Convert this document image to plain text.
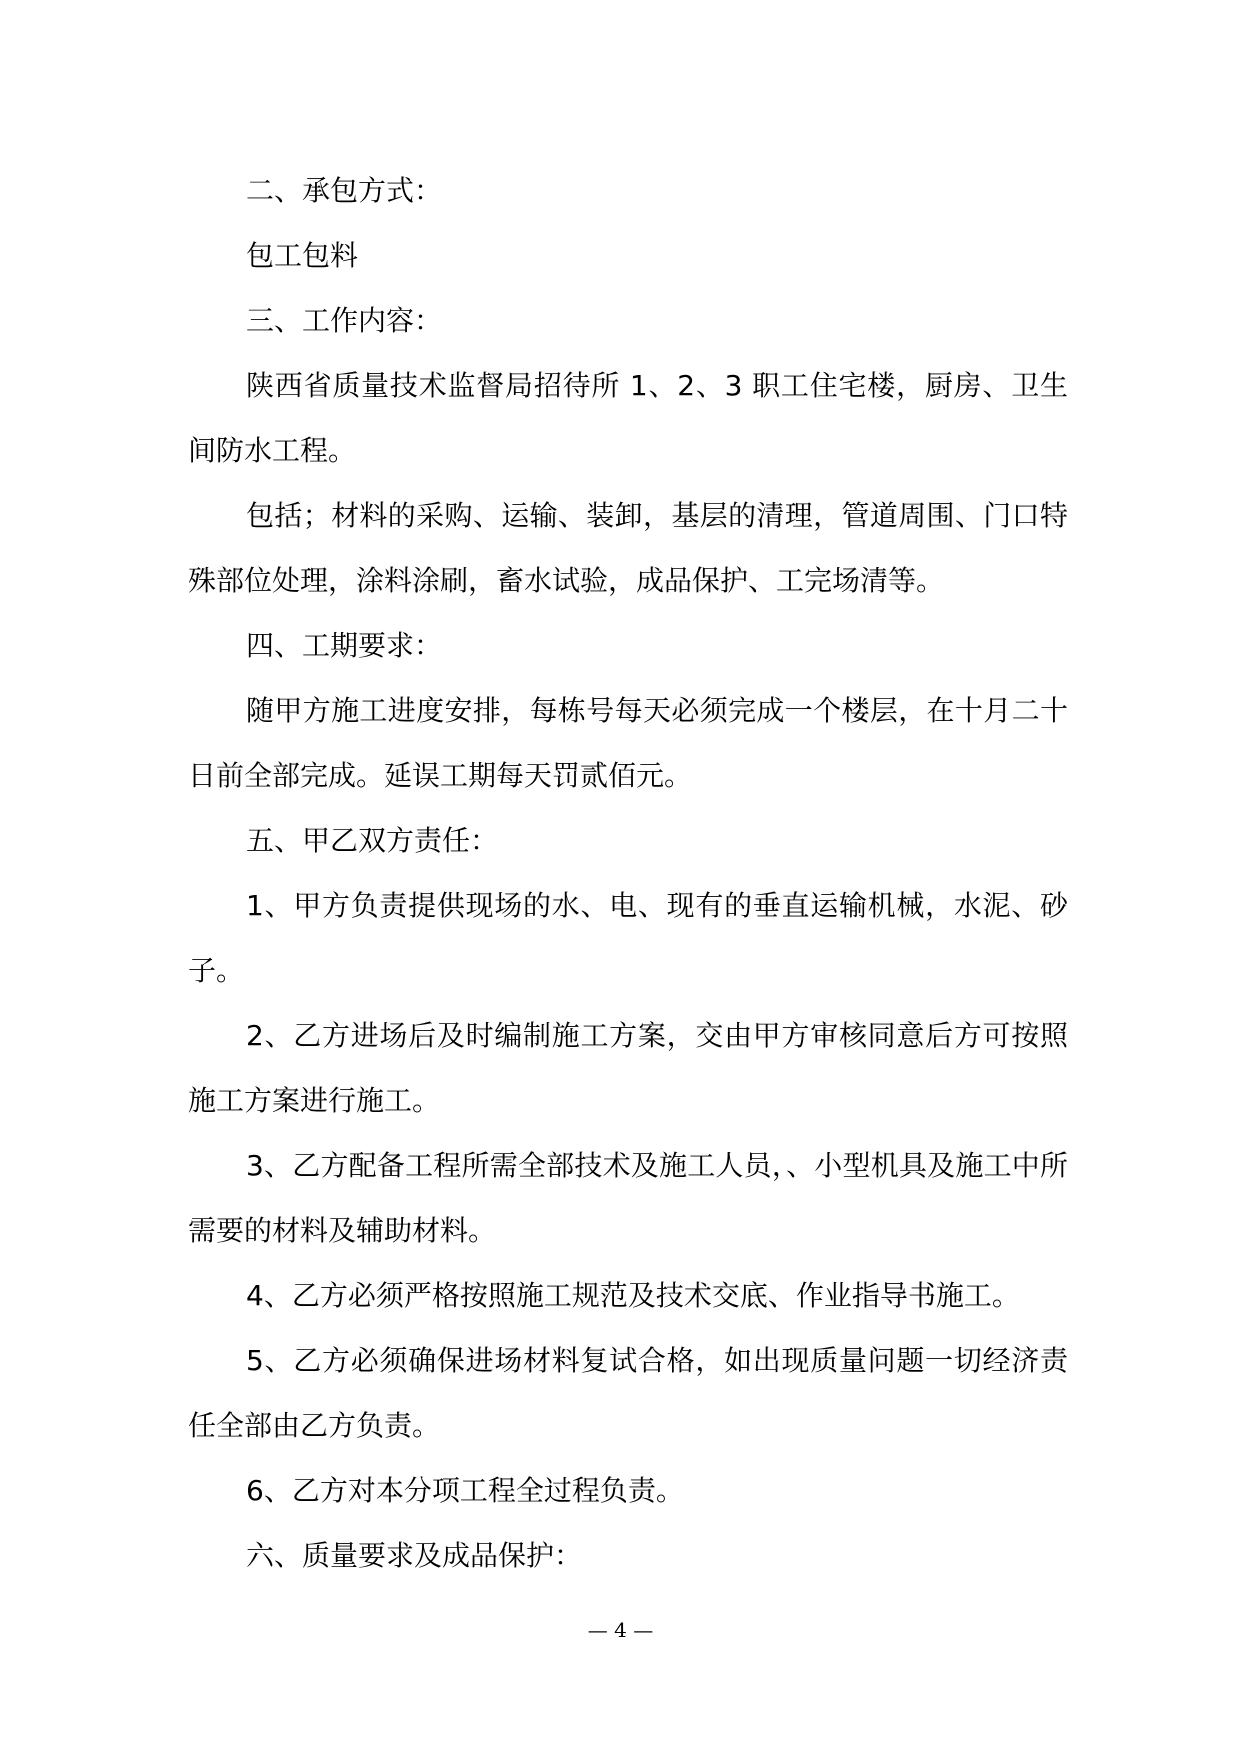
二、承包方式：

包工包料

三、工作内容：

陕西省质量技术监督局招待所 1、2、3 职工住宅楼，厨房、卫生间防水工程。

包括；材料的采购、运输、装卸，基层的清理，管道周围、门口特殊部位处理，涂料涂刷，畜水试验，成品保护、工完场清等。

四、工期要求：

随甲方施工进度安排，每栋号每天必须完成一个楼层，在十月二十日前全部完成。延误工期每天罚贰佰元。

五、甲乙双方责任：

1、甲方负责提供现场的水、电、现有的垂直运输机械，水泥、砂子。

2、乙方进场后及时编制施工方案，交由甲方审核同意后方可按照施工方案进行施工。

3、乙方配备工程所需全部技术及施工人员，、小型机具及施工中所需要的材料及辅助材料。

4、乙方必须严格按照施工规范及技术交底、作业指导书施工。

5、乙方必须确保进场材料复试合格，如出现质量问题一切经济责任全部由乙方负责。

6、乙方对本分项工程全过程负责。

六、质量要求及成品保护：

— 4 —
